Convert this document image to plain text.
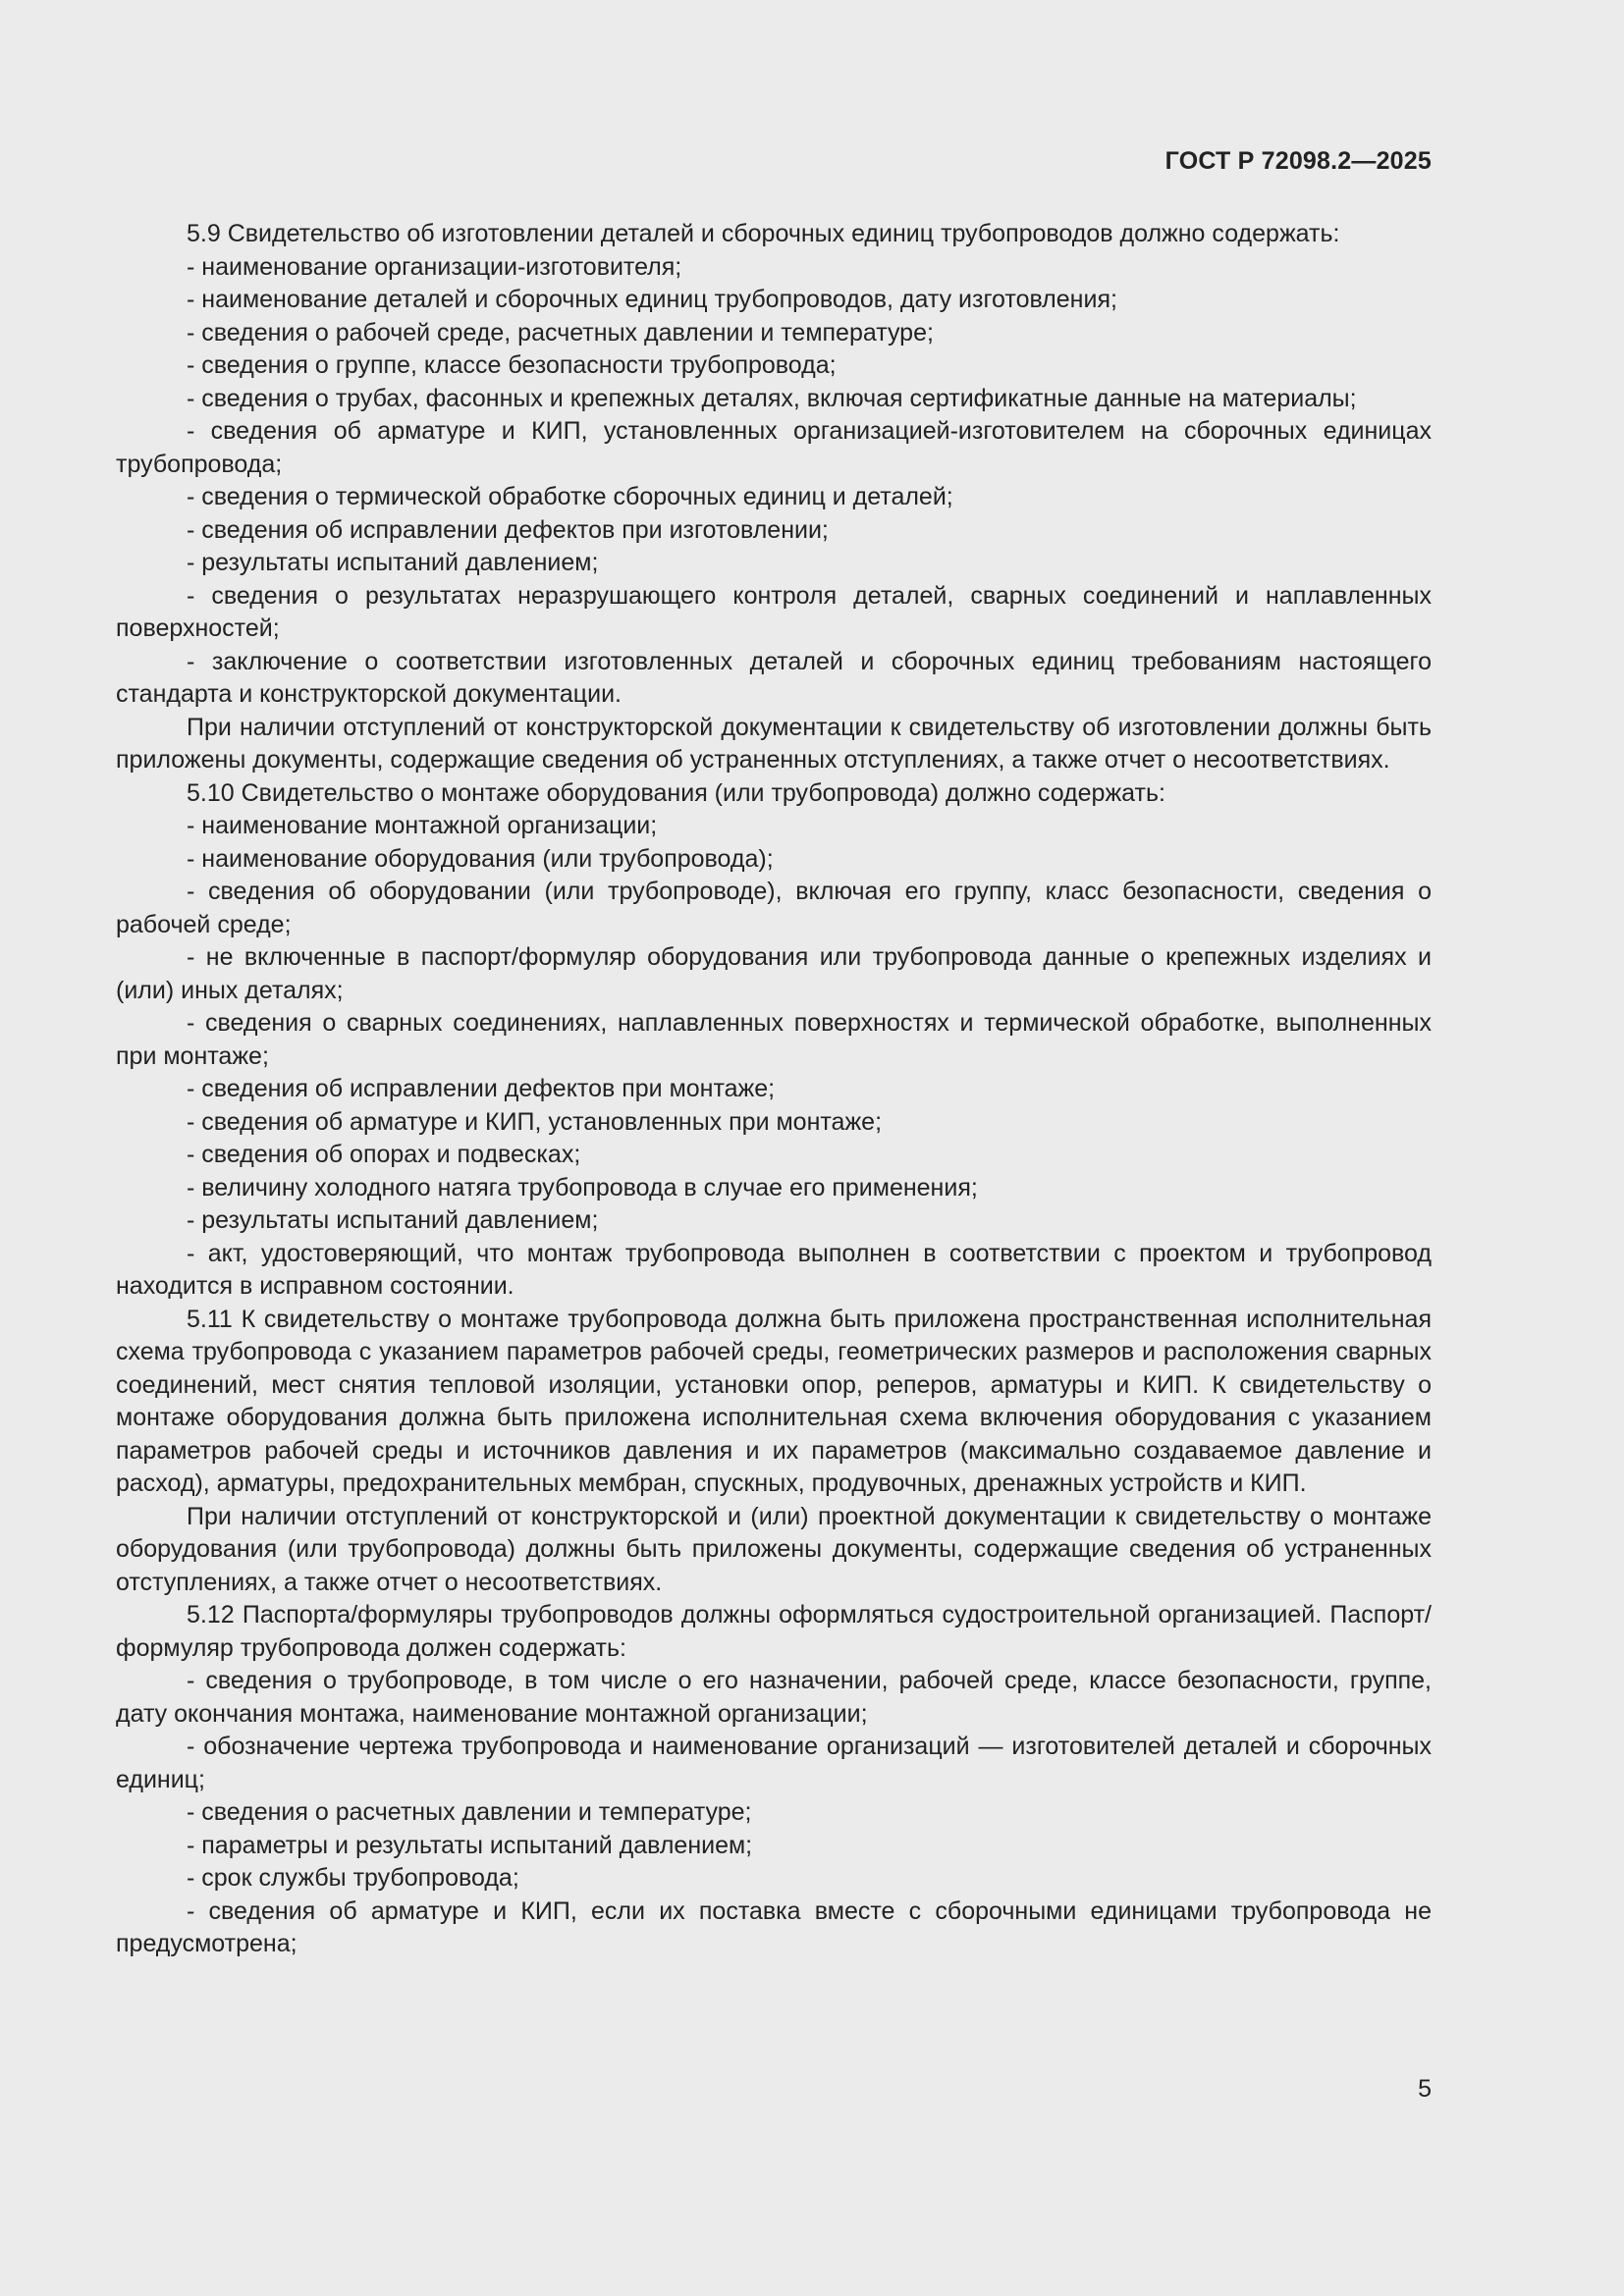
ГОСТ Р 72098.2—2025

5.9 Свидетельство об изготовлении деталей и сборочных единиц трубопроводов должно содержать:

- наименование организации-изготовителя;

- наименование деталей и сборочных единиц трубопроводов, дату изготовления;

- сведения о рабочей среде, расчетных давлении и температуре;

- сведения о группе, классе безопасности трубопровода;

- сведения о трубах, фасонных и крепежных деталях, включая сертификатные данные на материалы;

- сведения об арматуре и КИП, установленных организацией-изготовителем на сборочных единицах трубопровода;

- сведения о термической обработке сборочных единиц и деталей;

- сведения об исправлении дефектов при изготовлении;

- результаты испытаний давлением;

- сведения о результатах неразрушающего контроля деталей, сварных соединений и наплавленных поверхностей;

- заключение о соответствии изготовленных деталей и сборочных единиц требованиям настоящего стандарта и конструкторской документации.

При наличии отступлений от конструкторской документации к свидетельству об изготовлении должны быть приложены документы, содержащие сведения об устраненных отступлениях, а также отчет о несоответствиях.

5.10 Свидетельство о монтаже оборудования (или трубопровода) должно содержать:

- наименование монтажной организации;

- наименование оборудования (или трубопровода);

- сведения об оборудовании (или трубопроводе), включая его группу, класс безопасности, сведения о рабочей среде;

- не включенные в паспорт/формуляр оборудования или трубопровода данные о крепежных изделиях и (или) иных деталях;

- сведения о сварных соединениях, наплавленных поверхностях и термической обработке, выполненных при монтаже;

- сведения об исправлении дефектов при монтаже;

- сведения об арматуре и КИП, установленных при монтаже;

- сведения об опорах и подвесках;

- величину холодного натяга трубопровода в случае его применения;

- результаты испытаний давлением;

- акт, удостоверяющий, что монтаж трубопровода выполнен в соответствии с проектом и трубопровод находится в исправном состоянии.

5.11 К свидетельству о монтаже трубопровода должна быть приложена пространственная исполнительная схема трубопровода с указанием параметров рабочей среды, геометрических размеров и расположения сварных соединений, мест снятия тепловой изоляции, установки опор, реперов, арматуры и КИП. К свидетельству о монтаже оборудования должна быть приложена исполнительная схема включения оборудования с указанием параметров рабочей среды и источников давления и их параметров (максимально создаваемое давление и расход), арматуры, предохранительных мембран, спускных, продувочных, дренажных устройств и КИП.

При наличии отступлений от конструкторской и (или) проектной документации к свидетельству о монтаже оборудования (или трубопровода) должны быть приложены документы, содержащие сведения об устраненных отступлениях, а также отчет о несоответствиях.

5.12 Паспорта/формуляры трубопроводов должны оформляться судостроительной организацией. Паспорт/формуляр трубопровода должен содержать:

- сведения о трубопроводе, в том числе о его назначении, рабочей среде, классе безопасности, группе, дату окончания монтажа, наименование монтажной организации;

- обозначение чертежа трубопровода и наименование организаций — изготовителей деталей и сборочных единиц;

- сведения о расчетных давлении и температуре;

- параметры и результаты испытаний давлением;

- срок службы трубопровода;

- сведения об арматуре и КИП, если их поставка вместе с сборочными единицами трубопровода не предусмотрена;

5
